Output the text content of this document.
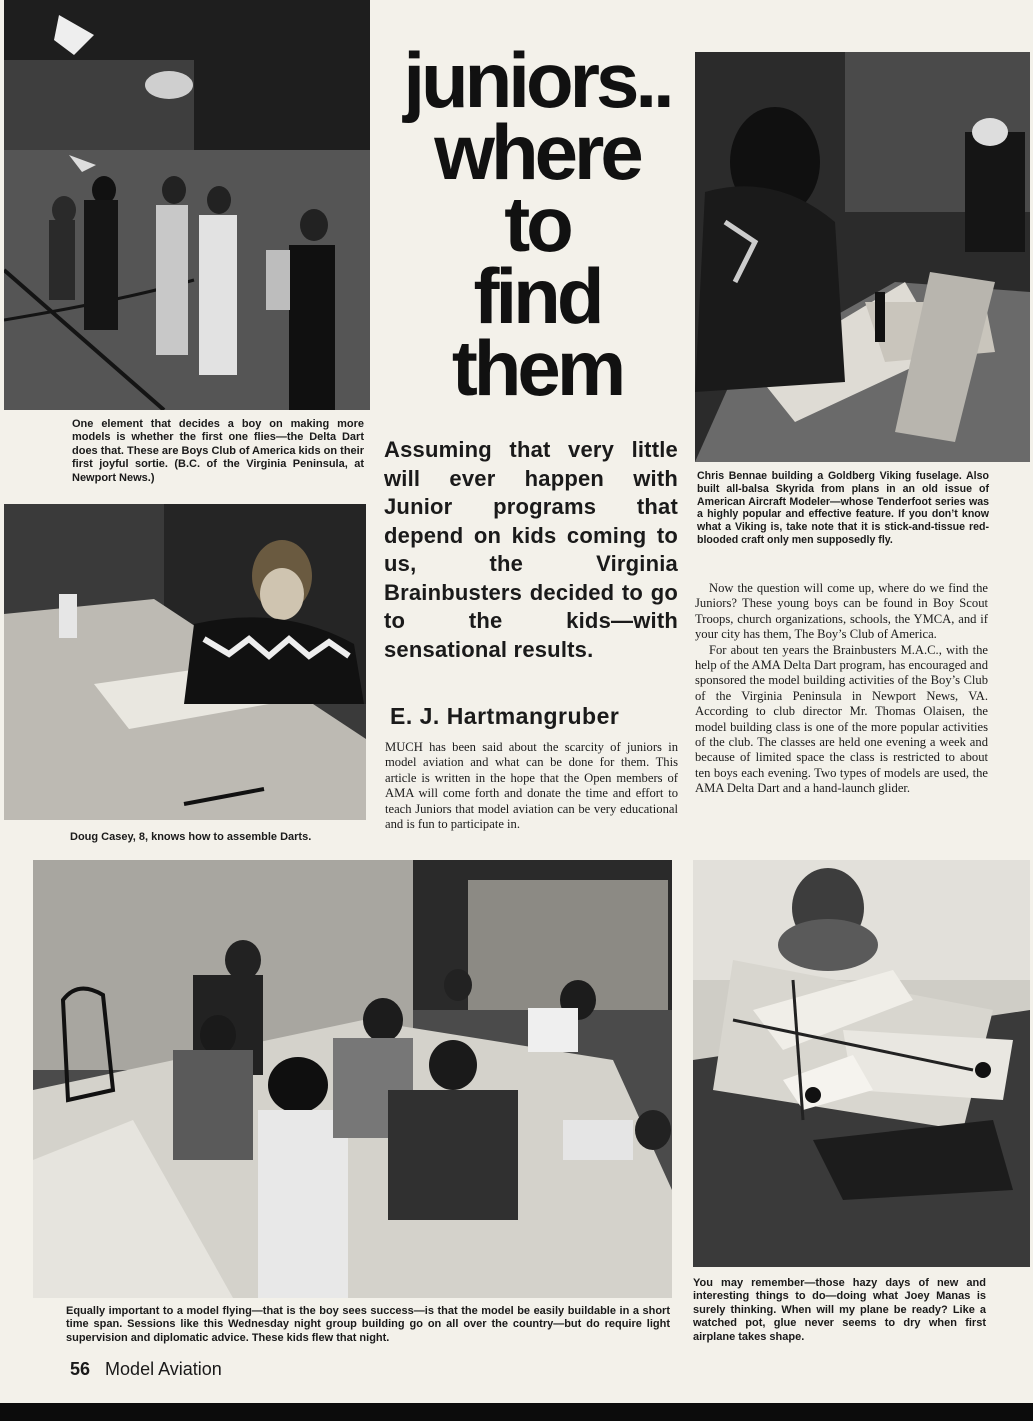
One element that decides a boy on making more models is whether the first one flies—the Delta Dart does that. These are Boys Club of America kids on their first joyful sortie. (B.C. of the Virginia Peninsula, at Newport News.)

Doug Casey, 8, knows how to assemble Darts.

juniors..
where
to
find
them

Assuming that very little will ever happen with Junior programs that depend on kids coming to us, the Virginia Brainbusters decided to go to the kids—with sensational results.

E. J. Hartmangruber

MUCH has been said about the scarcity of juniors in model aviation and what can be done for them. This article is written in the hope that the Open members of AMA will come forth and donate the time and effort to teach Juniors that model aviation can be very educational and is fun to participate in.

Chris Bennae building a Goldberg Viking fuselage. Also built all-balsa Skyrida from plans in an old issue of American Aircraft Modeler—whose Tenderfoot series was a highly popular and effective feature. If you don’t know what a Viking is, take note that it is stick-and-tissue red-blooded craft only men supposedly fly.

Now the question will come up, where do we find the Juniors? These young boys can be found in Boy Scout Troops, church organizations, schools, the YMCA, and if your city has them, The Boy’s Club of America.

For about ten years the Brainbusters M.A.C., with the help of the AMA Delta Dart program, has encouraged and sponsored the model building activities of the Boy’s Club of the Virginia Peninsula in Newport News, VA. According to club director Mr. Thomas Olaisen, the model building class is one of the more popular activities of the club. The classes are held one evening a week and because of limited space the class is restricted to about ten boys each evening. Two types of models are used, the AMA Delta Dart and a hand-launch glider.

Equally important to a model flying—that is the boy sees success—is that the model be easily buildable in a short time span. Sessions like this Wednesday night group building go on all over the country—but do require light supervision and diplomatic advice. These kids flew that night.

You may remember—those hazy days of new and interesting things to do—doing what Joey Manas is surely thinking. When will my plane be ready? Like a watched pot, glue never seems to dry when first airplane takes shape.

56 Model Aviation
